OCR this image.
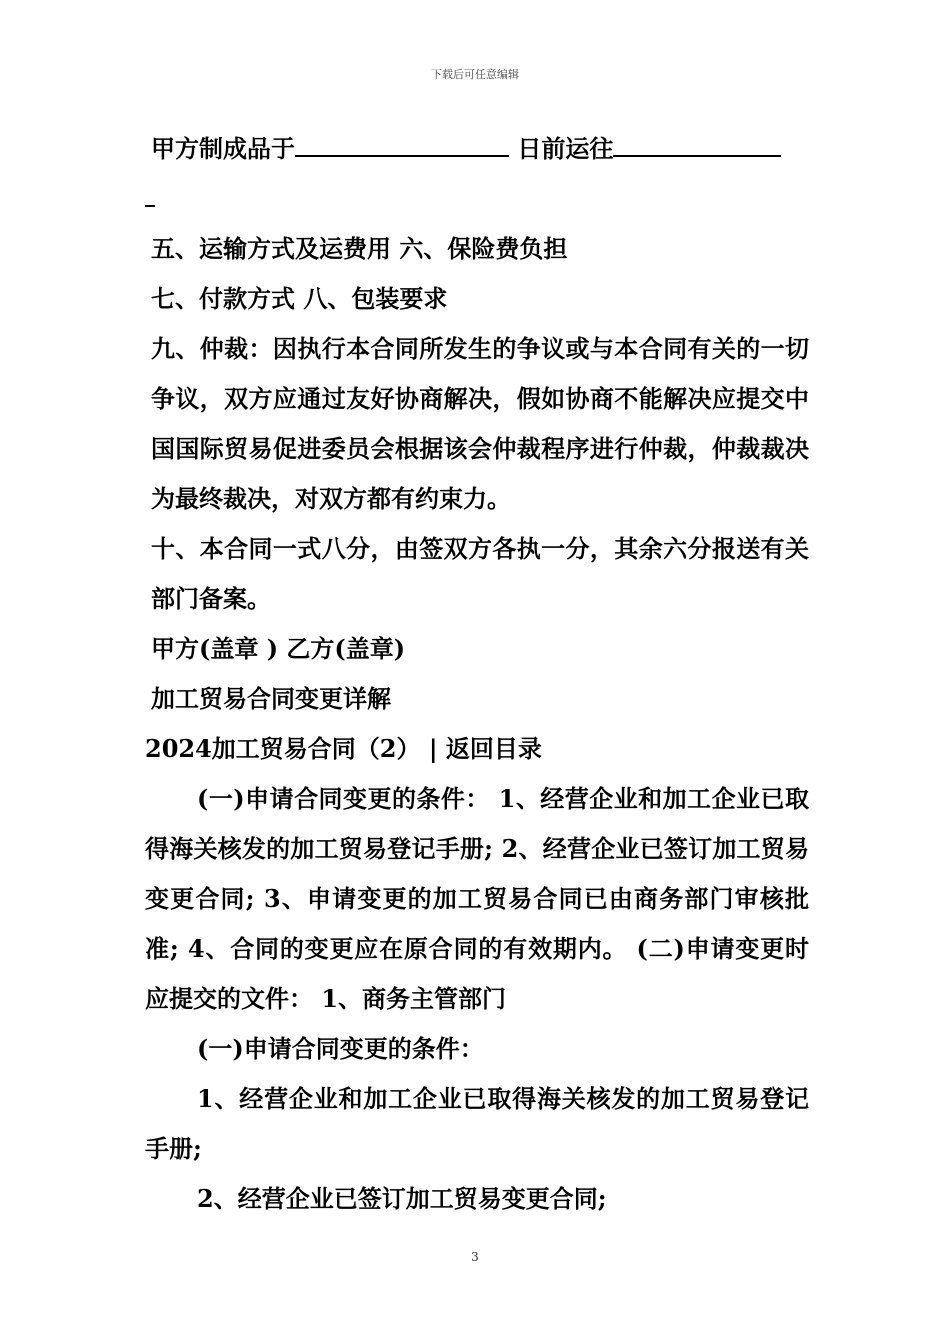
下载后可任意编辑

甲方制成品于	日前运往

五、运输方式及运费用 六、保险费负担

七、付款方式 八、包装要求

九、仲裁：因执行本合同所发生的争议或与本合同有关的一切争议，双方应通过友好协商解决，假如协商不能解决应提交中国国际贸易促进委员会根据该会仲裁程序进行仲裁，仲裁裁决为最终裁决，对双方都有约束力。

十、本合同一式八分，由签双方各执一分，其余六分报送有关部门备案。

甲方(盖章 ) 乙方(盖章)

加工贸易合同变更详解

2024加工贸易合同（2） | 返回目录

(一)申请合同变更的条件： 1、经营企业和加工企业已取得海关核发的加工贸易登记手册; 2、经营企业已签订加工贸易变更合同; 3、申请变更的加工贸易合同已由商务部门审核批准; 4、合同的变更应在原合同的有效期内。 (二)申请变更时应提交的文件： 1、商务主管部门

(一)申请合同变更的条件：

1、经营企业和加工企业已取得海关核发的加工贸易登记手册;

2、经营企业已签订加工贸易变更合同;

3
